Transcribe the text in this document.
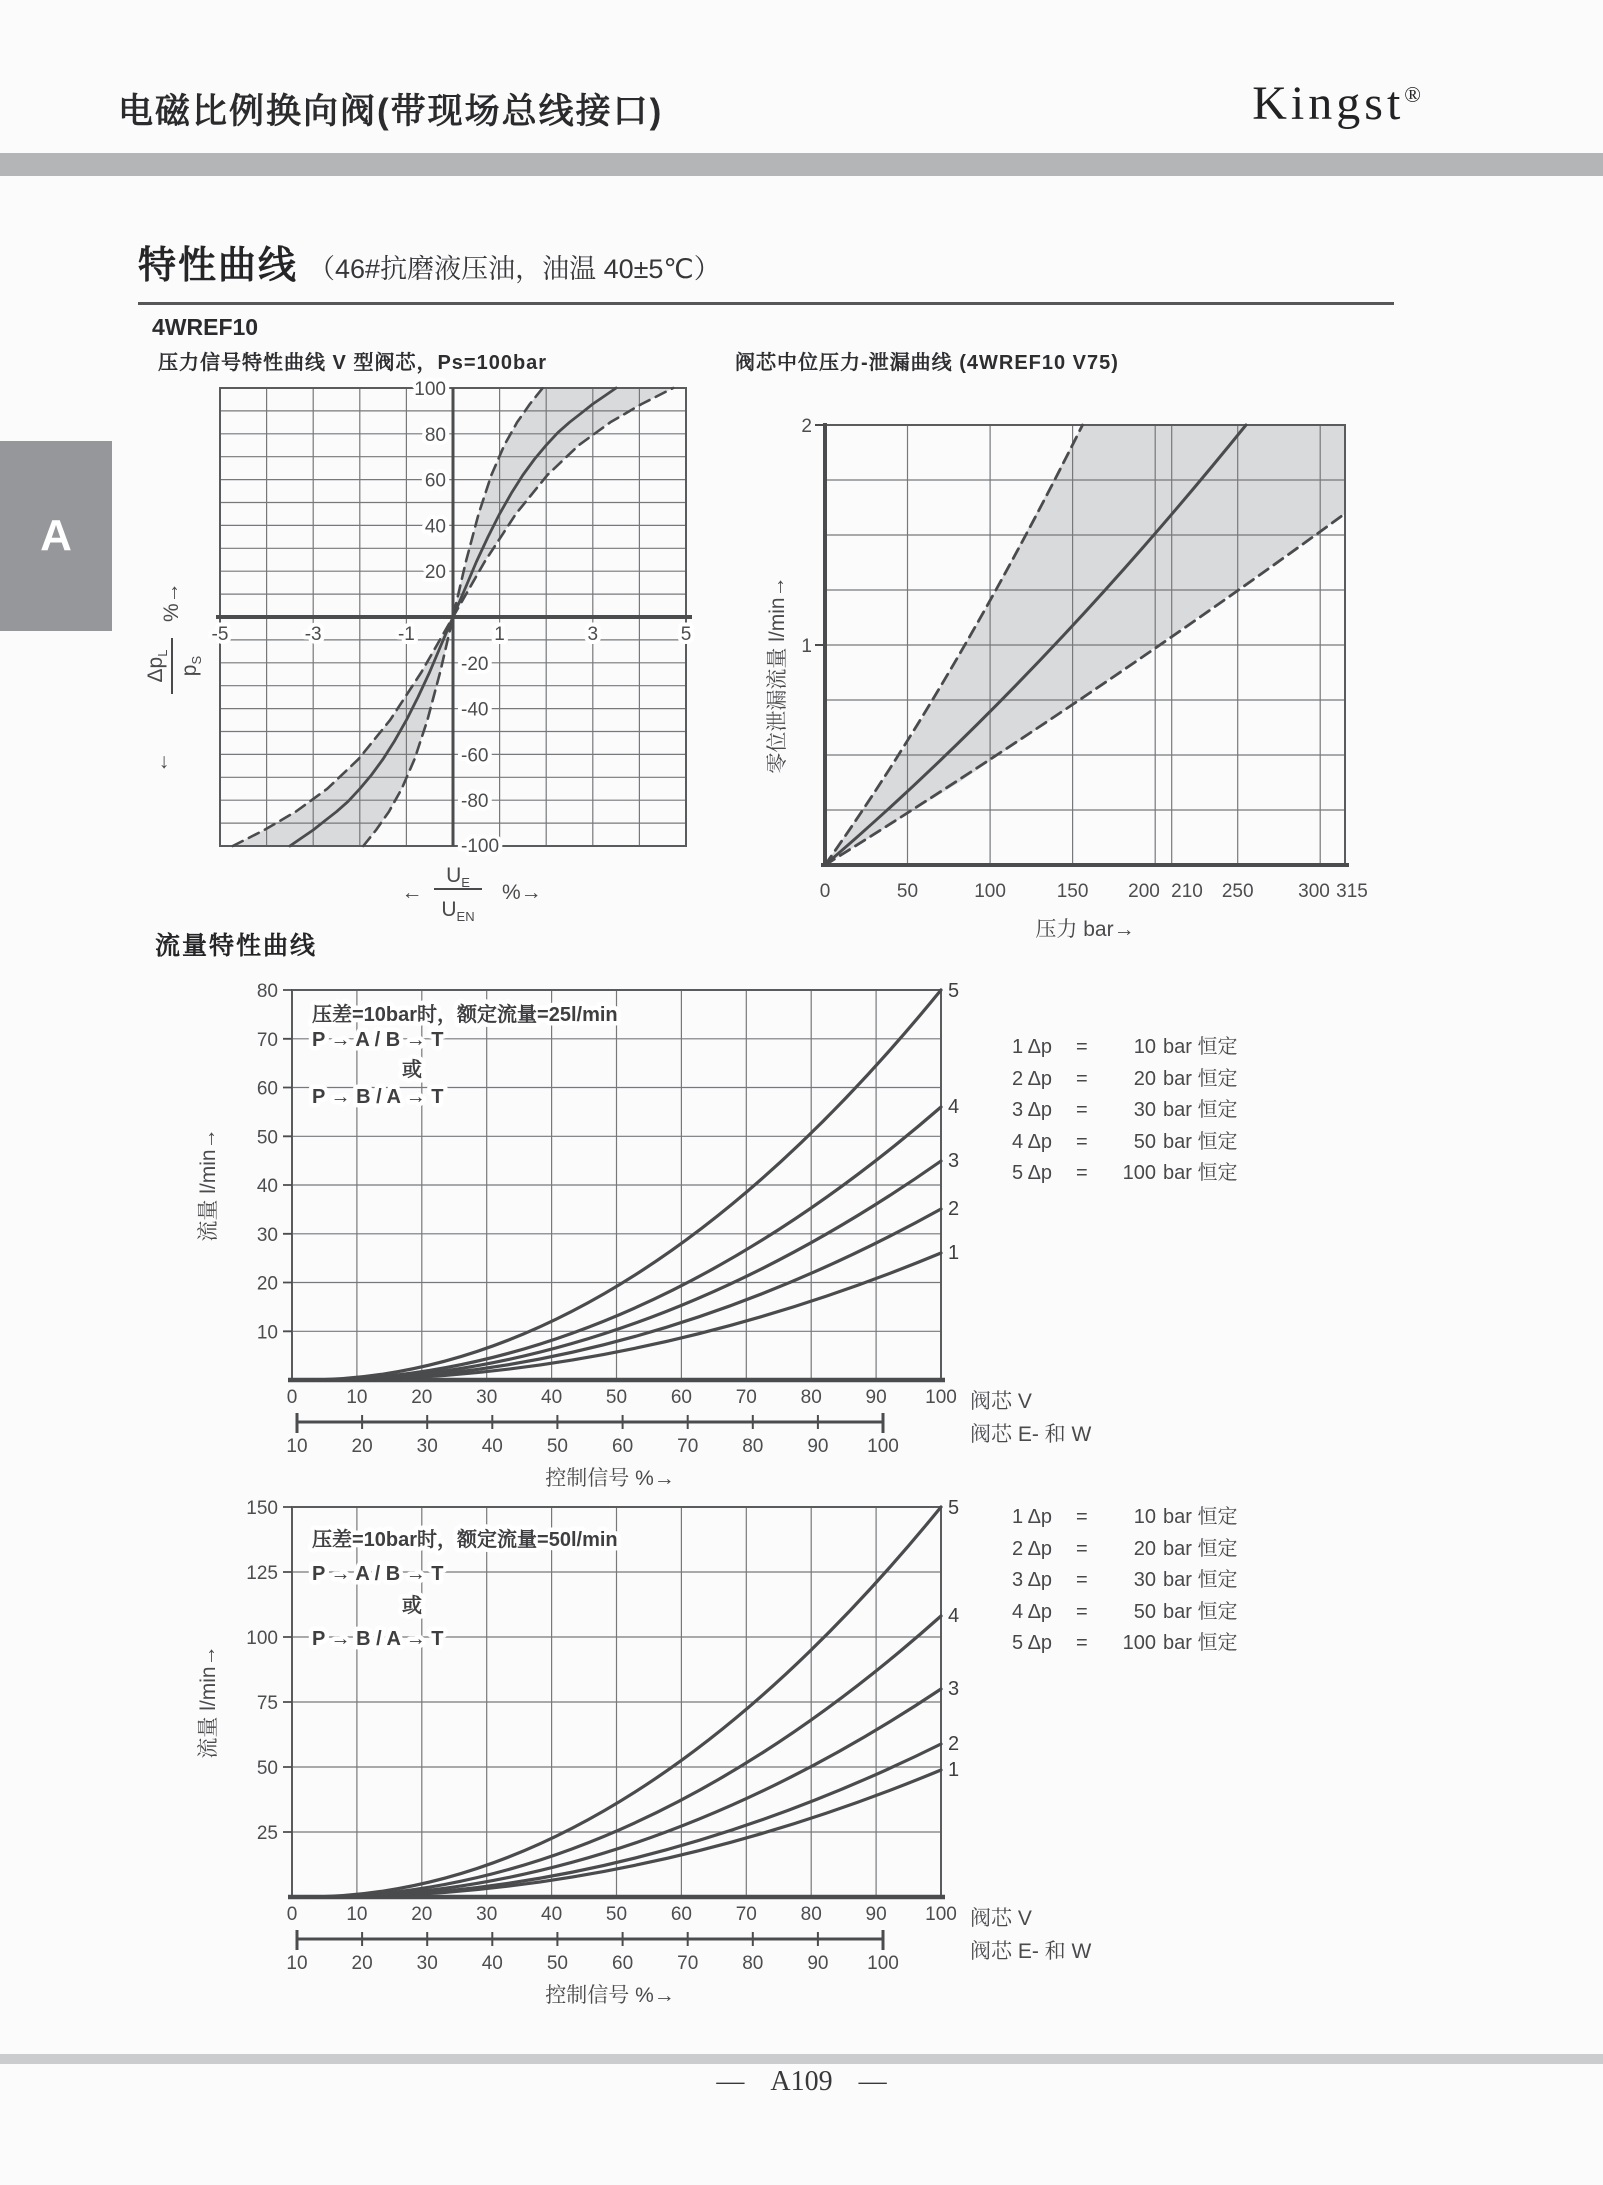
电磁比例换向阀(带现场总线接口)	Kingst®
A
特性曲线 （46#抗磨液压油，油温 40±5℃）
4WREF10
压力信号特性曲线 V 型阀芯，Ps=100bar	阀芯中位压力-泄漏曲线 (4WREF10 V75)
100
80
60
40
20
-20
-40
-60
-80
-100
-5	-3	-1	1	3	5
$\Delta p_L$
$p_S$
%→
↓
←
$U_E$
$U_{EN}$
%→
2
1
0	50	100	150 200 210 250 300 315
零位泄漏流量 l/min→
压力 bar→
流量特性曲线
压差=10bar时，额定流量=25l/min
P → A / B → T
或
P → B / A → T
5
4
3
2
1
80
70
60
50
40
30
20
10
0	10 20 30 40 50 60 70 80 90 100
10 20 30 40 50 60 70 80 90 100
阀芯 V
阀芯 E- 和 W
控制信号 %→
流量 l/min→
1 Δp	=	10 bar 恒定
2 Δp	=	20 bar 恒定
3 Δp	=	30 bar 恒定
4 Δp	=	50 bar 恒定
5 Δp	=	100 bar 恒定
压差=10bar时，额定流量=50l/min
P → A / B → T
或
P → B / A → T
5
4
3
2
1
150
125
100
75
50
25
0	10 20 30 40 50 60 70 80 90 100
10 20 30 40 50 60 70 80 90 100
阀芯 V
阀芯 E- 和 W
控制信号 %→
流量 l/min→
1 Δp	=	10 bar 恒定
2 Δp	=	20 bar 恒定
3 Δp	=	30 bar 恒定
4 Δp	=	50 bar 恒定
5 Δp	=	100 bar 恒定
— A109 —
